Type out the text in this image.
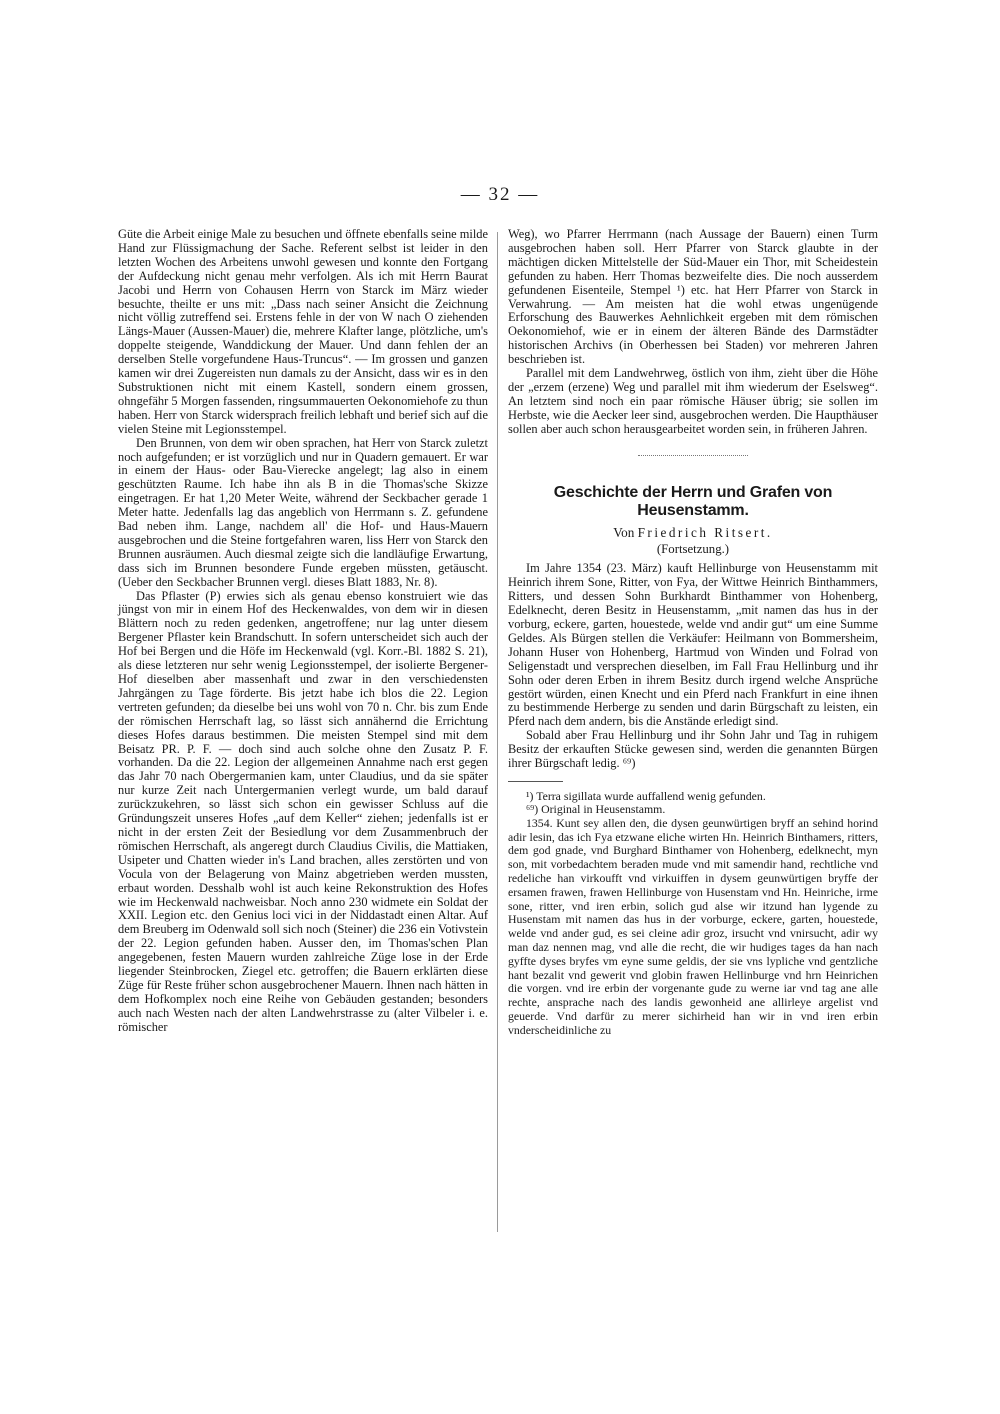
— 32 —

Güte die Arbeit einige Male zu besuchen und öffnete ebenfalls seine milde Hand zur Flüssigmachung der Sache. Referent selbst ist leider in den letzten Wochen des Arbeitens unwohl gewesen und konnte den Fortgang der Aufdeckung nicht genau mehr verfolgen. Als ich mit Herrn Baurat Jacobi und Herrn von Cohausen Herrn von Starck im März wieder besuchte, theilte er uns mit: „Dass nach seiner Ansicht die Zeichnung nicht völlig zutreffend sei. Erstens fehle in der von W nach O ziehenden Längs-Mauer (Aussen-Mauer) die, mehrere Klafter lange, plötzliche, um's doppelte steigende, Wanddickung der Mauer. Und dann fehlen der an derselben Stelle vorgefundene Haus-Truncus“. — Im grossen und ganzen kamen wir drei Zugereisten nun damals zu der Ansicht, dass wir es in den Substruktionen nicht mit einem Kastell, sondern einem grossen, ohngefähr 5 Morgen fassenden, ringsummauerten Oekonomiehofe zu thun haben. Herr von Starck widersprach freilich lebhaft und berief sich auf die vielen Steine mit Legionsstempel.

Den Brunnen, von dem wir oben sprachen, hat Herr von Starck zuletzt noch aufgefunden; er ist vorzüglich und nur in Quadern gemauert. Er war in einem der Haus- oder Bau-Vierecke angelegt; lag also in einem geschützten Raume. Ich habe ihn als B in die Thomas'sche Skizze eingetragen. Er hat 1,20 Meter Weite, während der Seckbacher gerade 1 Meter hatte. Jedenfalls lag das angeblich von Herrmann s. Z. gefundene Bad neben ihm. Lange, nachdem all' die Hof- und Haus-Mauern ausgebrochen und die Steine fortgefahren waren, liss Herr von Starck den Brunnen ausräumen. Auch diesmal zeigte sich die landläufige Erwartung, dass sich im Brunnen besondere Funde ergeben müssten, getäuscht. (Ueber den Seckbacher Brunnen vergl. dieses Blatt 1883, Nr. 8).

Das Pflaster (P) erwies sich als genau ebenso konstruiert wie das jüngst von mir in einem Hof des Heckenwaldes, von dem wir in diesen Blättern noch zu reden gedenken, angetroffene; nur lag unter diesem Bergener Pflaster kein Brandschutt. In sofern unterscheidet sich auch der Hof bei Bergen und die Höfe im Heckenwald (vgl. Korr.-Bl. 1882 S. 21), als diese letzteren nur sehr wenig Legionsstempel, der isolierte Bergener-Hof dieselben aber massenhaft und zwar in den verschiedensten Jahrgängen zu Tage förderte. Bis jetzt habe ich blos die 22. Legion vertreten gefunden; da dieselbe bei uns wohl von 70 n. Chr. bis zum Ende der römischen Herrschaft lag, so lässt sich annähernd die Errichtung dieses Hofes daraus bestimmen. Die meisten Stempel sind mit dem Beisatz PR. P. F. — doch sind auch solche ohne den Zusatz P. F. vorhanden. Da die 22. Legion der allgemeinen Annahme nach erst gegen das Jahr 70 nach Obergermanien kam, unter Claudius, und da sie später nur kurze Zeit nach Untergermanien verlegt wurde, um bald darauf zurückzukehren, so lässt sich schon ein gewisser Schluss auf die Gründungszeit unseres Hofes „auf dem Keller“ ziehen; jedenfalls ist er nicht in der ersten Zeit der Besiedlung vor dem Zusammenbruch der römischen Herrschaft, als angeregt durch Claudius Civilis, die Mattiaken, Usipeter und Chatten wieder in's Land brachen, alles zerstörten und von Vocula von der Belagerung von Mainz abgetrieben werden mussten, erbaut worden. Desshalb wohl ist auch keine Rekonstruktion des Hofes wie im Heckenwald nachweisbar. Noch anno 230 widmete ein Soldat der XXII. Legion etc. den Genius loci vici in der Niddastadt einen Altar. Auf dem Breuberg im Odenwald soll sich noch (Steiner) die 236 ein Votivstein der 22. Legion gefunden haben. Ausser den, im Thomas'schen Plan angegebenen, festen Mauern wurden zahlreiche Züge lose in der Erde liegender Steinbrocken, Ziegel etc. getroffen; die Bauern erklärten diese Züge für Reste früher schon ausgebrochener Mauern. Ihnen nach hätten in dem Hofkomplex noch eine Reihe von Gebäuden gestanden; besonders auch nach Westen nach der alten Landwehrstrasse zu (alter Vilbeler i. e. römischer

Weg), wo Pfarrer Herrmann (nach Aussage der Bauern) einen Turm ausgebrochen haben soll. Herr Pfarrer von Starck glaubte in der mächtigen dicken Mittelstelle der Süd-Mauer ein Thor, mit Scheidestein gefunden zu haben. Herr Thomas bezweifelte dies. Die noch ausserdem gefundenen Eisenteile, Stempel ¹) etc. hat Herr Pfarrer von Starck in Verwahrung. — Am meisten hat die wohl etwas ungenügende Erforschung des Bauwerkes Aehnlichkeit ergeben mit dem römischen Oekonomiehof, wie er in einem der älteren Bände des Darmstädter historischen Archivs (in Oberhessen bei Staden) vor mehreren Jahren beschrieben ist.

Parallel mit dem Landwehrweg, östlich von ihm, zieht über die Höhe der „erzem (erzene) Weg und parallel mit ihm wiederum der Eselsweg“. An letztem sind noch ein paar römische Häuser übrig; sie sollen im Herbste, wie die Aecker leer sind, ausgebrochen werden. Die Haupthäuser sollen aber auch schon herausgearbeitet worden sein, in früheren Jahren.

Geschichte der Herrn und Grafen von Heusenstamm.
Von Friedrich Ritsert.
(Fortsetzung.)

Im Jahre 1354 (23. März) kauft Hellinburge von Heusenstamm mit Heinrich ihrem Sone, Ritter, von Fya, der Wittwe Heinrich Binthammers, Ritters, und dessen Sohn Burkhardt Binthammer von Hohenberg, Edelknecht, deren Besitz in Heusenstamm, „mit namen das hus in der vorburg, eckere, garten, houestede, welde vnd andir gut“ um eine Summe Geldes. Als Bürgen stellen die Verkäufer: Heilmann von Bommersheim, Johann Huser von Hohenberg, Hartmud von Winden und Folrad von Seligenstadt und versprechen dieselben, im Fall Frau Hellinburg und ihr Sohn oder deren Erben in ihrem Besitz durch irgend welche Ansprüche gestört würden, einen Knecht und ein Pferd nach Frankfurt in eine ihnen zu bestimmende Herberge zu senden und darin Bürgschaft zu leisten, ein Pferd nach dem andern, bis die Anstände erledigt sind.

Sobald aber Frau Hellinburg und ihr Sohn Jahr und Tag in ruhigem Besitz der erkauften Stücke gewesen sind, werden die genannten Bürgen ihrer Bürgschaft ledig. ⁶⁹)

¹) Terra sigillata wurde auffallend wenig gefunden.

⁶⁹) Original in Heusenstamm.

1354. Kunt sey allen den, die dysen geunwürtigen bryff an sehind horind adir lesin, das ich Fya etzwane eliche wirten Hn. Heinrich Binthamers, ritters, dem god gnade, vnd Burghard Binthamer von Hohenberg, edelknecht, myn son, mit vorbedachtem beraden mude vnd mit samendir hand, rechtliche vnd redeliche han virkoufft vnd virkuiffen in dysem geunwürtigen bryffe der ersamen frawen, frawen Hellinburge von Husenstam vnd Hn. Heinriche, irme sone, ritter, vnd iren erbin, solich gud alse wir itzund han lygende zu Husenstam mit namen das hus in der vorburge, eckere, garten, houestede, welde vnd ander gud, es sei cleine adir groz, irsucht vnd vnirsucht, adir wy man daz nennen mag, vnd alle die recht, die wir hudiges tages da han nach gyffte dyses bryfes vm eyne sume geldis, der sie vns lypliche vnd gentzliche hant bezalit vnd gewerit vnd globin frawen Hellinburge vnd hrn Heinrichen die vorgen. vnd ire erbin der vorgenante gude zu werne iar vnd tag ane alle rechte, ansprache nach des landis gewonheid ane allirleye argelist vnd geuerde. Vnd darfür zu merer sichirheid han wir in vnd iren erbin vnderscheidinliche zu
